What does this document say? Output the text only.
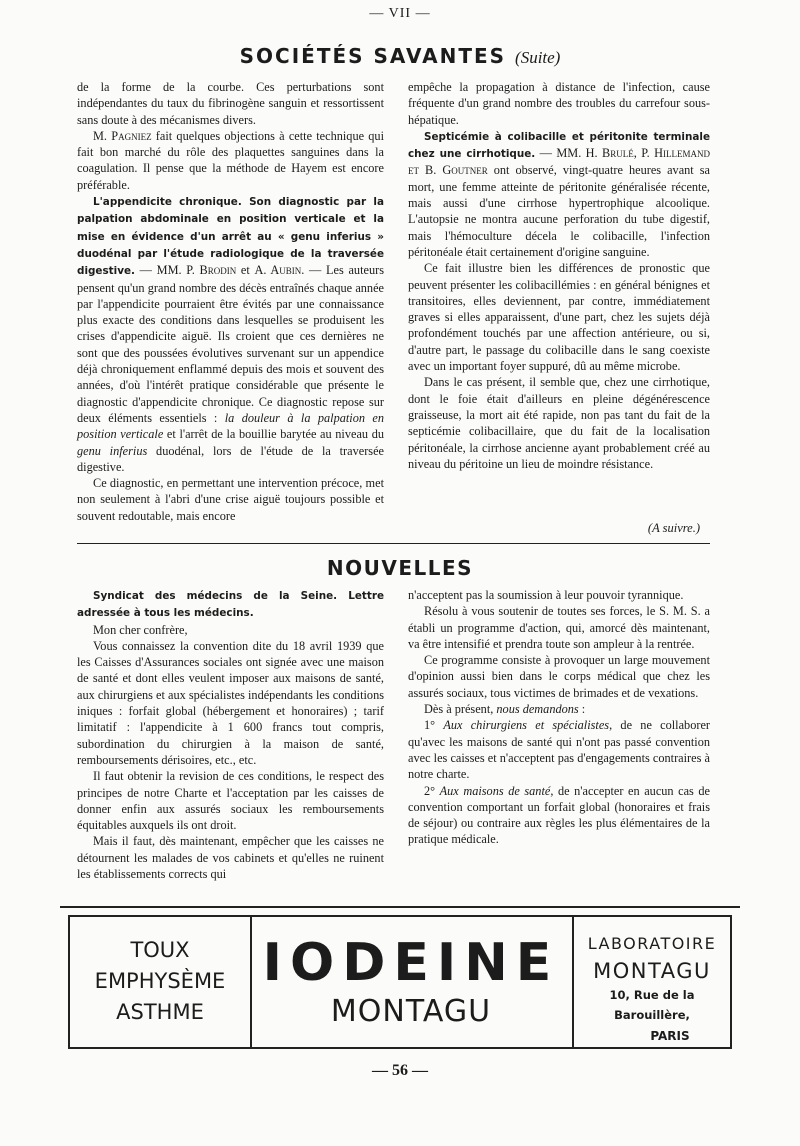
— VII —
SOCIÉTÉS SAVANTES (Suite)

de la forme de la courbe. Ces perturbations sont indépendantes du taux du fibrinogène sanguin et ressortissent sans doute à des mécanismes divers.

M. Pagniez fait quelques objections à cette technique qui fait bon marché du rôle des plaquettes sanguines dans la coagulation. Il pense que la méthode de Hayem est encore préférable.

L'appendicite chronique. Son diagnostic par la palpation abdominale en position verticale et la mise en évidence d'un arrêt au « genu inferius » duodénal par l'étude radiologique de la traversée digestive. — MM. P. Brodin et A. Aubin. — Les auteurs pensent qu'un grand nombre des décès entraînés chaque année par l'appendicite pourraient être évités par une connaissance plus exacte des conditions dans lesquelles se produisent les crises d'appendicite aiguë. Ils croient que ces dernières ne sont que des poussées évolutives survenant sur un appendice déjà chroniquement enflammé depuis des mois et souvent des années, d'où l'intérêt pratique considérable que présente le diagnostic d'appendicite chronique. Ce diagnostic repose sur deux éléments essentiels : la douleur à la palpation en position verticale et l'arrêt de la bouillie barytée au niveau du genu inferius duodénal, lors de l'étude de la traversée digestive.

Ce diagnostic, en permettant une intervention précoce, met non seulement à l'abri d'une crise aiguë toujours possible et souvent redoutable, mais encore

empêche la propagation à distance de l'infection, cause fréquente d'un grand nombre des troubles du carrefour sous-hépatique.

Septicémie à colibacille et péritonite terminale chez une cirrhotique. — MM. H. Brulé, P. Hillemand et B. Goutner ont observé, vingt-quatre heures avant sa mort, une femme atteinte de péritonite généralisée récente, mais aussi d'une cirrhose hypertrophique alcoolique. L'autopsie ne montra aucune perforation du tube digestif, mais l'hémoculture décela le colibacille, l'infection péritonéale était certainement d'origine sanguine.

Ce fait illustre bien les différences de pronostic que peuvent présenter les colibacillémies : en général bénignes et transitoires, elles deviennent, par contre, immédiatement graves si elles apparaissent, d'une part, chez les sujets déjà profondément touchés par une affection antérieure, ou si, d'autre part, le passage du colibacille dans le sang coexiste avec un important foyer suppuré, dû au même microbe.

Dans le cas présent, il semble que, chez une cirrhotique, dont le foie était d'ailleurs en pleine dégénérescence graisseuse, la mort ait été rapide, non pas tant du fait de la septicémie colibacillaire, que du fait de la localisation péritonéale, la cirrhose ancienne ayant probablement créé au niveau du péritoine un lieu de moindre résistance.

(A suivre.)
NOUVELLES

Syndicat des médecins de la Seine. Lettre adressée à tous les médecins.

Mon cher confrère,

Vous connaissez la convention dite du 18 avril 1939 que les Caisses d'Assurances sociales ont signée avec une maison de santé et dont elles veulent imposer aux maisons de santé, aux chirurgiens et aux spécialistes indépendants les conditions iniques : forfait global (hébergement et honoraires) ; tarif limitatif : l'appendicite à 1 600 francs tout compris, subordination du chirurgien à la maison de santé, remboursements dérisoires, etc., etc.

Il faut obtenir la revision de ces conditions, le respect des principes de notre Charte et l'acceptation par les caisses de donner enfin aux assurés sociaux les remboursements équitables auxquels ils ont droit.

Mais il faut, dès maintenant, empêcher que les caisses ne détournent les malades de vos cabinets et qu'elles ne ruinent les établissements corrects qui

n'acceptent pas la soumission à leur pouvoir tyrannique.

Résolu à vous soutenir de toutes ses forces, le S. M. S. a établi un programme d'action, qui, amorcé dès maintenant, va être intensifié et prendra toute son ampleur à la rentrée.

Ce programme consiste à provoquer un large mouvement d'opinion aussi bien dans le corps médical que chez les assurés sociaux, tous victimes de brimades et de vexations.

Dès à présent, nous demandons :

1° Aux chirurgiens et spécialistes, de ne collaborer qu'avec les maisons de santé qui n'ont pas passé convention avec les caisses et n'acceptent pas d'engagements contraires à notre charte.

2° Aux maisons de santé, de n'accepter en aucun cas de convention comportant un forfait global (honoraires et frais de séjour) ou contraire aux règles les plus élémentaires de la pratique médicale.

TOUX
EMPHYSÈME
ASTHME
IODEINE
MONTAGU
LABORATOIRE
MONTAGU
10, Rue de la Barouillère,
PARIS
— 56 —
